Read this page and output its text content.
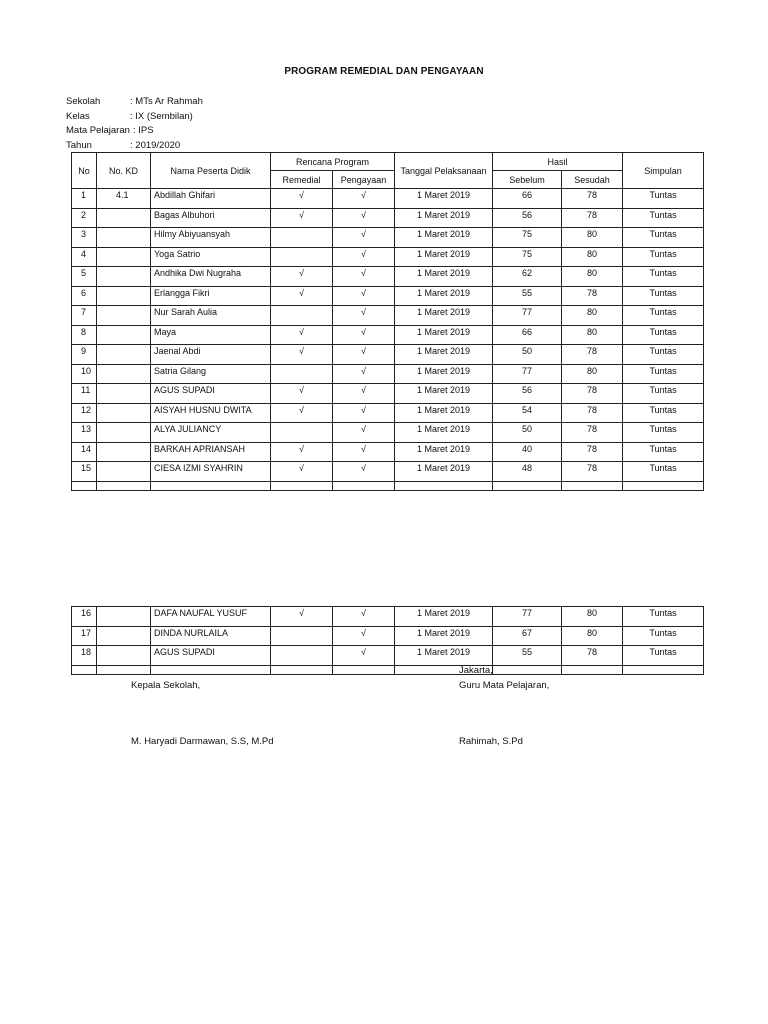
PROGRAM REMEDIAL DAN PENGAYAAN
Sekolah	: MTs Ar Rahmah
Kelas	: IX (Sembilan)
Mata Pelajaran : IPS
Tahun	: 2019/2020
No	No. KD	Nama Peserta Didik	Rencana Program		Tanggal Pelaksanaan	Hasil		Simpulan
			Remedial	Pengayaan		Sebelum	Sesudah	
1	4.1	Abdillah Ghifari	√	√	1 Maret 2019	66	78	Tuntas
2		Bagas Albuhori	√	√	1 Maret 2019	56	78	Tuntas
3		Hilmy Abiyuansyah		√	1 Maret 2019	75	80	Tuntas
4		Yoga Satrio		√	1 Maret 2019	75	80	Tuntas
5		Andhika Dwi Nugraha	√	√	1 Maret 2019	62	80	Tuntas
6		Erlangga Fikri	√	√	1 Maret 2019	55	78	Tuntas
7		Nur Sarah Aulia		√	1 Maret 2019	77	80	Tuntas
8		Maya	√	√	1 Maret 2019	66	80	Tuntas
9		Jaenal Abdi	√	√	1 Maret 2019	50	78	Tuntas
10		Satria Gilang		√	1 Maret 2019	77	80	Tuntas
11		AGUS SUPADI	√	√	1 Maret 2019	56	78	Tuntas
12		AISYAH HUSNU DWITA	√	√	1 Maret 2019	54	78	Tuntas
13		ALYA JULIANCY		√	1 Maret 2019	50	78	Tuntas
14		BARKAH APRIANSAH	√	√	1 Maret 2019	40	78	Tuntas
15		CIESA IZMI SYAHRIN	√	√	1 Maret 2019	48	78	Tuntas

16		DAFA NAUFAL YUSUF	√	√	1 Maret 2019	77	80	Tuntas
17		DINDA NURLAILA		√	1 Maret 2019	67	80	Tuntas
18		AGUS SUPADI		√	1 Maret 2019	55	78	Tuntas

Jakarta,
Kepala Sekolah,	Guru Mata Pelajaran,
M. Haryadi Darmawan, S.S, M.Pd	Rahimah, S.Pd
